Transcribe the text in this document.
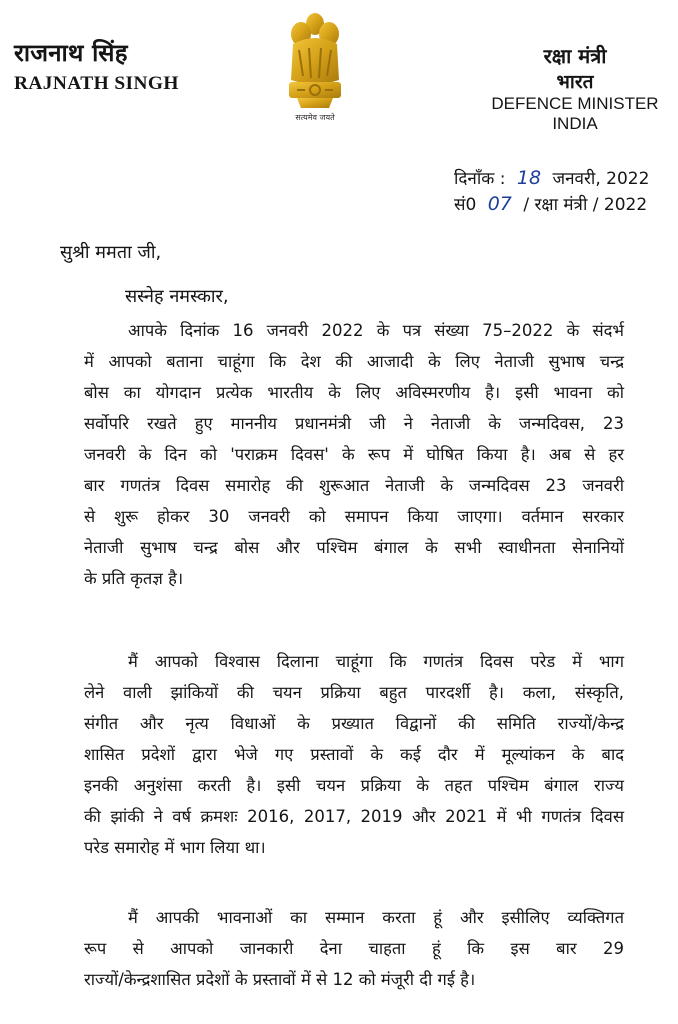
राजनाथ सिंह
RAJNATH SINGH
सत्यमेव जयते
रक्षा मंत्री
भारत
DEFENCE MINISTER
INDIA
दिनाँक : 18 जनवरी, 2022
सं0 07 / रक्षा मंत्री / 2022
सुश्री ममता जी,
सस्नेह नमस्कार,
आपके दिनांक 16 जनवरी 2022 के पत्र संख्या 75–2022 के संदर्भ
में आपको बताना चाहूंगा कि देश की आजादी के लिए नेताजी सुभाष चन्द्र
बोस का योगदान प्रत्येक भारतीय के लिए अविस्मरणीय है। इसी भावना को
सर्वोपरि रखते हुए माननीय प्रधानमंत्री जी ने नेताजी के जन्मदिवस, 23
जनवरी के दिन को 'पराक्रम दिवस' के रूप में घोषित किया है। अब से हर
बार गणतंत्र दिवस समारोह की शुरूआत नेताजी के जन्मदिवस 23 जनवरी
से शुरू होकर 30 जनवरी को समापन किया जाएगा। वर्तमान सरकार
नेताजी सुभाष चन्द्र बोस और पश्चिम बंगाल के सभी स्वाधीनता सेनानियों
के प्रति कृतज्ञ है।
मैं आपको विश्वास दिलाना चाहूंगा कि गणतंत्र दिवस परेड में भाग
लेने वाली झांकियों की चयन प्रक्रिया बहुत पारदर्शी है। कला, संस्कृति,
संगीत और नृत्य विधाओं के प्रख्यात विद्वानों की समिति राज्यों/केन्द्र
शासित प्रदेशों द्वारा भेजे गए प्रस्तावों के कई दौर में मूल्यांकन के बाद
इनकी अनुशंसा करती है। इसी चयन प्रक्रिया के तहत पश्चिम बंगाल राज्य
की झांकी ने वर्ष क्रमशः 2016, 2017, 2019 और 2021 में भी गणतंत्र दिवस
परेड समारोह में भाग लिया था।
मैं आपकी भावनाओं का सम्मान करता हूं और इसीलिए व्यक्तिगत
रूप से आपको जानकारी देना चाहता हूं कि इस बार 29
राज्यों/केन्द्रशासित प्रदेशों के प्रस्तावों में से 12 को मंजूरी दी गई है।
